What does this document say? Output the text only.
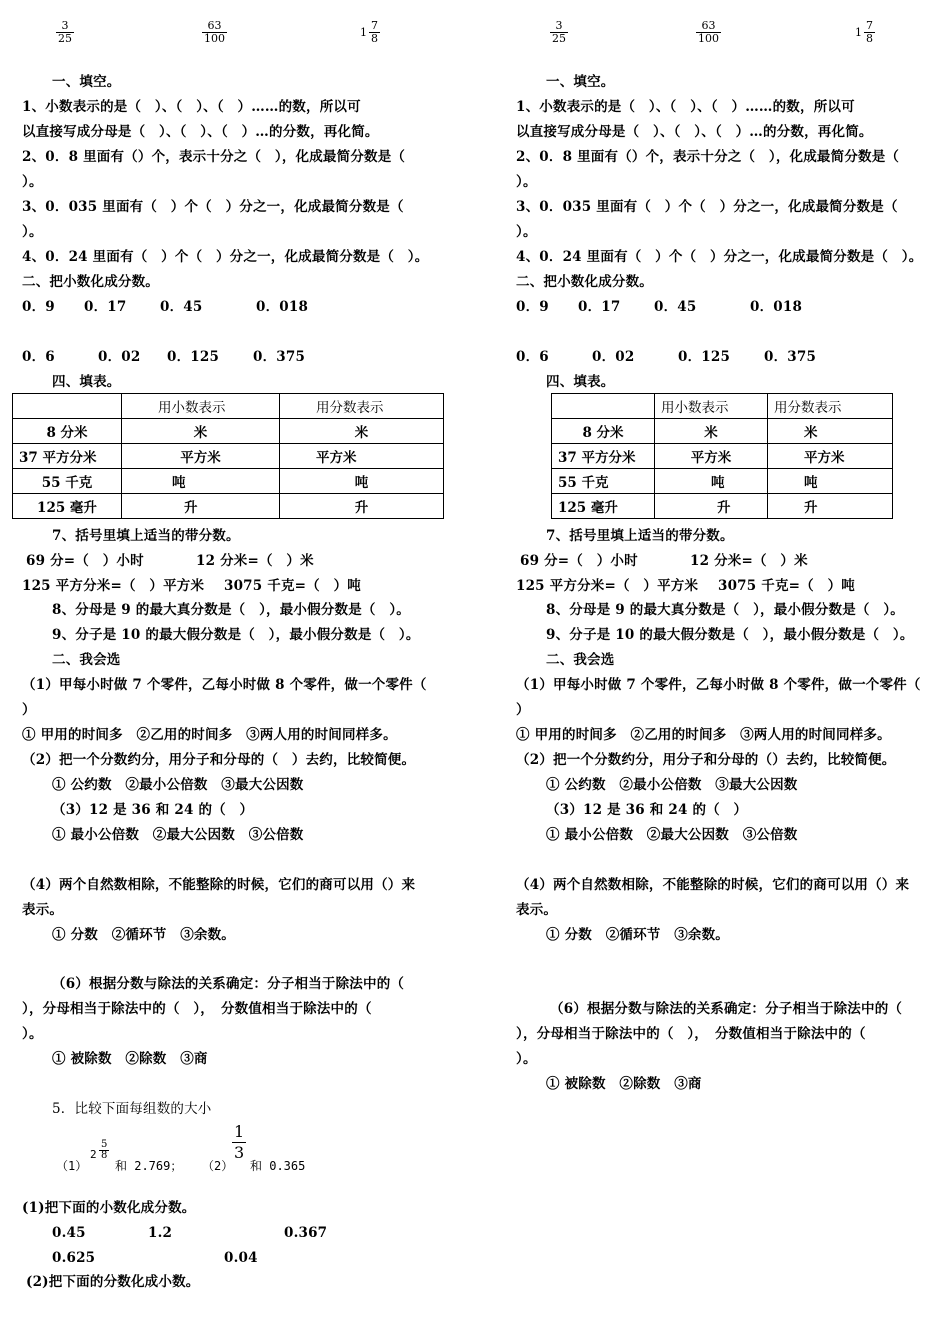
$\frac{3}{25}$	$\frac{63}{100}$	$1 \frac{7}{8}$	$\frac{3}{25}$	$\frac{63}{100}$	$1 \frac{7}{8}$
一、填空。
1、小数表示的是（　）、（　）、（　）……的数，所以可
以直接写成分母是（　）、（　）、（　）…的分数，再化简。
2、0．8 里面有（）个，表示十分之（　），化成最简分数是（
）。
3、0．035 里面有（　）个（　）分之一，化成最简分数是（
）。
4、0．24 里面有（　）个（　）分之一，化成最简分数是（　）。
二、把小数化成分数。
0．9 0．17 0．45	0．018
0．6	0．02 0．125	0．375
四、填表。
	用小数表示	用分数表示
8 分米	米	米
37 平方分米	平方米	平方米
55 千克	吨	吨
125 毫升	升	升
7、括号里填上适当的带分数。
69 分=（　）小时	12 分米=（　）米
125 平方分米=（　）平方米 3075 千克=（　）吨
8、分母是 9 的最大真分数是（　），最小假分数是（　）。
9、分子是 10 的最大假分数是（　），最小假分数是（　）。
二、我会选
（1）甲每小时做 7 个零件，乙每小时做 8 个零件，做一个零件（
）
① 甲用的时间多　②乙用的时间多　③两人用的时间同样多。
（2）把一个分数约分，用分子和分母的（　）去约，比较简便。
① 公约数　②最小公倍数　③最大公因数
（3）12 是 36 和 24 的（　）
① 最小公倍数　②最大公因数　③公倍数
（4）两个自然数相除，不能整除的时候，它们的商可以用（）来
表示。
① 分数　②循环节　③余数。
（6）根据分数与除法的关系确定：分子相当于除法中的（
），分母相当于除法中的（　），　分数值相当于除法中的（
）。
① 被除数　②除数　③商
5．比较下面每组数的大小
（1）
$2 \frac{5}{8}$
和 2.769； （2）
$\frac{1}{3}$
和 0.365
(1)把下面的小数化成分数。
0.45	1.2	0.367
0.625	0.04
(2)把下面的分数化成小数。
一、填空。
1、小数表示的是（　）、（　）、（　）……的数，所以可
以直接写成分母是（　）、（　）、（　）…的分数，再化简。
2、0．8 里面有（）个，表示十分之（　），化成最简分数是（
）。
3、0．035 里面有（　）个（　）分之一，化成最简分数是（
）。
4、0．24 里面有（　）个（　）分之一，化成最简分数是（　）。
二、把小数化成分数。
0．9 0．17 0．45	0．018
0．6	0．02	0．125	0．375
四、填表。
	用小数表示	用分数表示
8 分米	米	米
37 平方分米	平方米	平方米
55 千克	吨	吨
125 毫升	升	升
7、括号里填上适当的带分数。
69 分=（　）小时	12 分米=（　）米
125 平方分米=（　）平方米 3075 千克=（　）吨
8、分母是 9 的最大真分数是（　），最小假分数是（　）。
9、分子是 10 的最大假分数是（　），最小假分数是（　）。
二、我会选
（1）甲每小时做 7 个零件，乙每小时做 8 个零件，做一个零件（
）
① 甲用的时间多　②乙用的时间多　③两人用的时间同样多。
（2）把一个分数约分，用分子和分母的（）去约，比较简便。
① 公约数　②最小公倍数　③最大公因数
（3）12 是 36 和 24 的（　）
① 最小公倍数　②最大公因数　③公倍数
（4）两个自然数相除，不能整除的时候，它们的商可以用（）来
表示。
① 分数　②循环节　③余数。
（6）根据分数与除法的关系确定：分子相当于除法中的（
），分母相当于除法中的（　），　分数值相当于除法中的（
）。
① 被除数　②除数　③商
